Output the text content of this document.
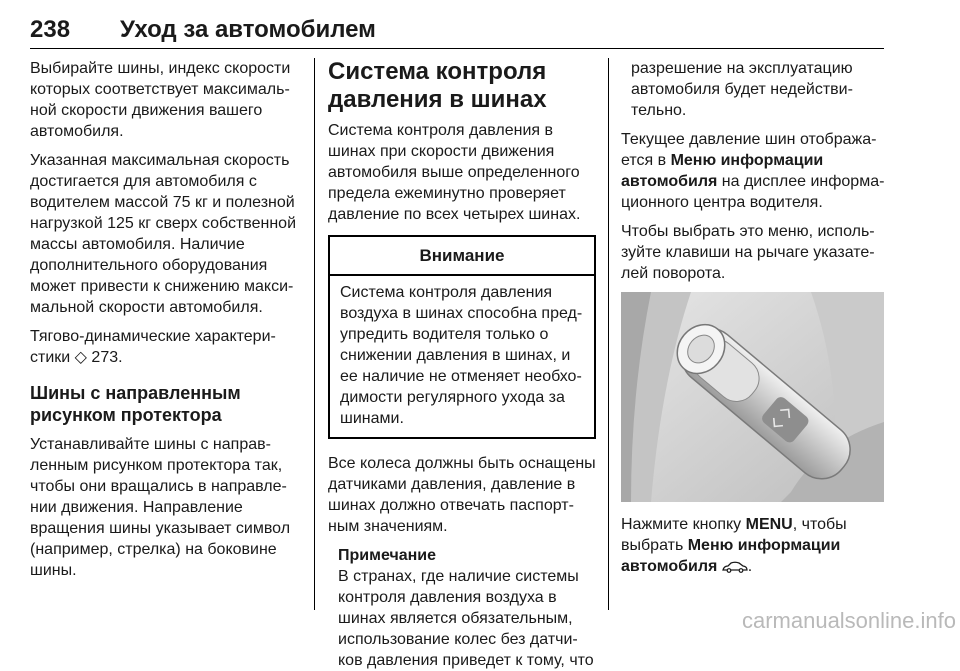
238 Уход за автомобилем

Выбирайте шины, индекс скорости которых соответствует максимальной скорости движения вашего автомобиля.

Указанная максимальная скорость достигается для автомобиля с водителем массой 75 кг и полезной нагрузкой 125 кг сверх собственной массы автомобиля. Наличие дополнительного оборудования может привести к снижению максимальной скорости автомобиля.

Тягово-динамические характеристики ◇ 273.

Шины с направленным рисунком протектора

Устанавливайте шины с направленным рисунком протектора так, чтобы они вращались в направлении движения. Направление вращения шины указывает символ (например, стрелка) на боковине шины.

Система контроля давления в шинах

Система контроля давления в шинах при скорости движения автомобиля выше определенного предела ежеминутно проверяет давление по всех четырех шинах.

Внимание
Система контроля давления воздуха в шинах способна предупредить водителя только о снижении давления в шинах, и ее наличие не отменяет необходимости регулярного ухода за шинами.

Все колеса должны быть оснащены датчиками давления, давление в шинах должно отвечать паспортным значениям.

Примечание
В странах, где наличие системы контроля давления воздуха в шинах является обязательным, использование колес без датчиков давления приведет к тому, что

разрешение на эксплуатацию автомобиля будет недействительно.

Текущее давление шин отображается в Меню информации автомобиля на дисплее информационного центра водителя.

Чтобы выбрать это меню, используйте клавиши на рычаге указателей поворота.

Нажмите кнопку MENU, чтобы выбрать Меню информации автомобиля .

carmanualsonline.info
